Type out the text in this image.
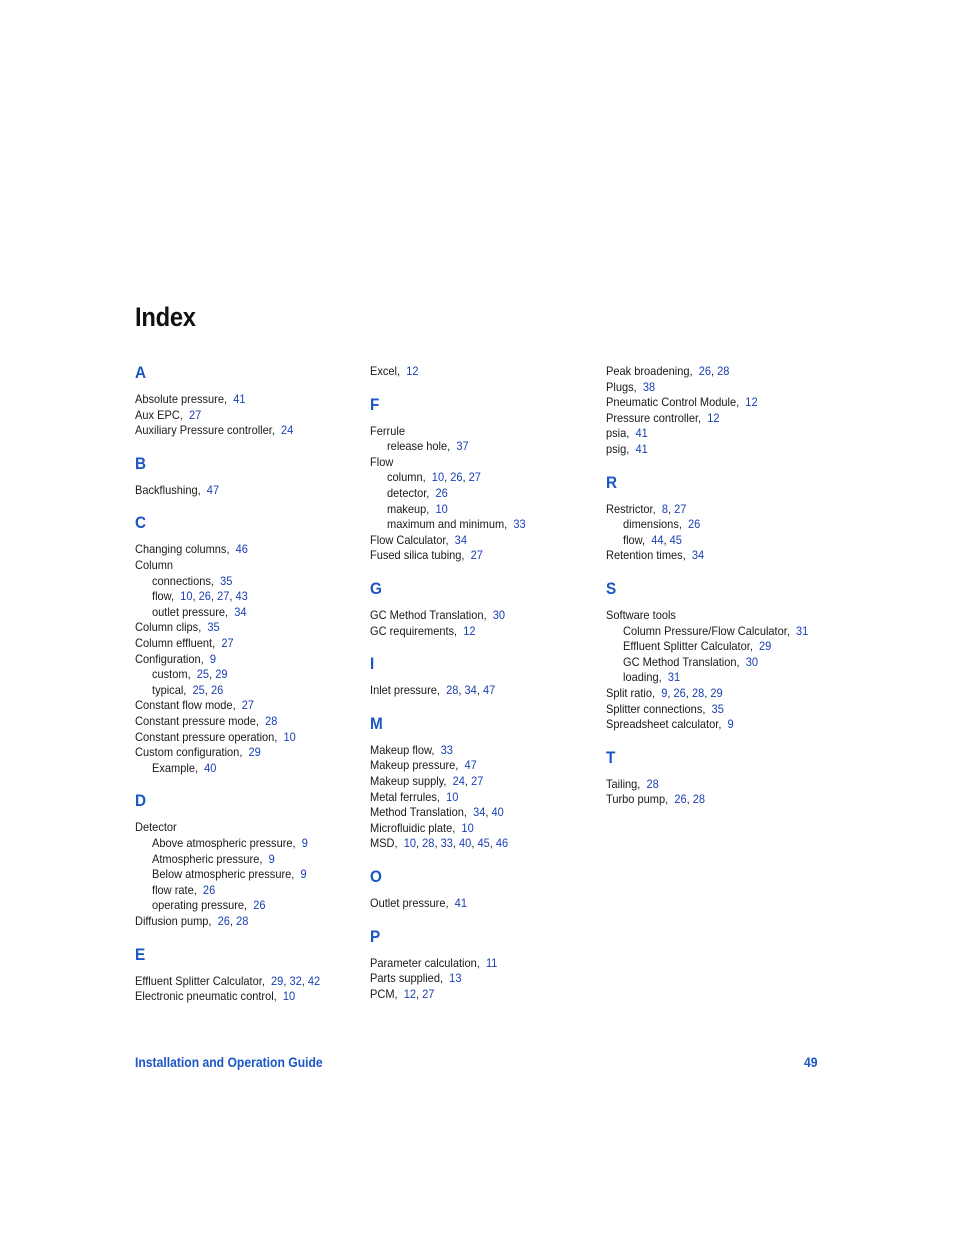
Index
A
Absolute pressure, 41
Aux EPC, 27
Auxiliary Pressure controller, 24
B
Backflushing, 47
C
Changing columns, 46
Column
connections, 35
flow, 10, 26, 27, 43
outlet pressure, 34
Column clips, 35
Column effluent, 27
Configuration, 9
custom, 25, 29
typical, 25, 26
Constant flow mode, 27
Constant pressure mode, 28
Constant pressure operation, 10
Custom configuration, 29
Example, 40
D
Detector
Above atmospheric pressure, 9
Atmospheric pressure, 9
Below atmospheric pressure, 9
flow rate, 26
operating pressure, 26
Diffusion pump, 26, 28
E
Effluent Splitter Calculator, 29, 32, 42
Electronic pneumatic control, 10
Excel, 12
F
Ferrule
release hole, 37
Flow
column, 10, 26, 27
detector, 26
makeup, 10
maximum and minimum, 33
Flow Calculator, 34
Fused silica tubing, 27
G
GC Method Translation, 30
GC requirements, 12
I
Inlet pressure, 28, 34, 47
M
Makeup flow, 33
Makeup pressure, 47
Makeup supply, 24, 27
Metal ferrules, 10
Method Translation, 34, 40
Microfluidic plate, 10
MSD, 10, 28, 33, 40, 45, 46
O
Outlet pressure, 41
P
Parameter calculation, 11
Parts supplied, 13
PCM, 12, 27
Peak broadening, 26, 28
Plugs, 38
Pneumatic Control Module, 12
Pressure controller, 12
psia, 41
psig, 41
R
Restrictor, 8, 27
dimensions, 26
flow, 44, 45
Retention times, 34
S
Software tools
Column Pressure/Flow Calculator, 31
Effluent Splitter Calculator, 29
GC Method Translation, 30
loading, 31
Split ratio, 9, 26, 28, 29
Splitter connections, 35
Spreadsheet calculator, 9
T
Tailing, 28
Turbo pump, 26, 28
Installation and Operation Guide	49
